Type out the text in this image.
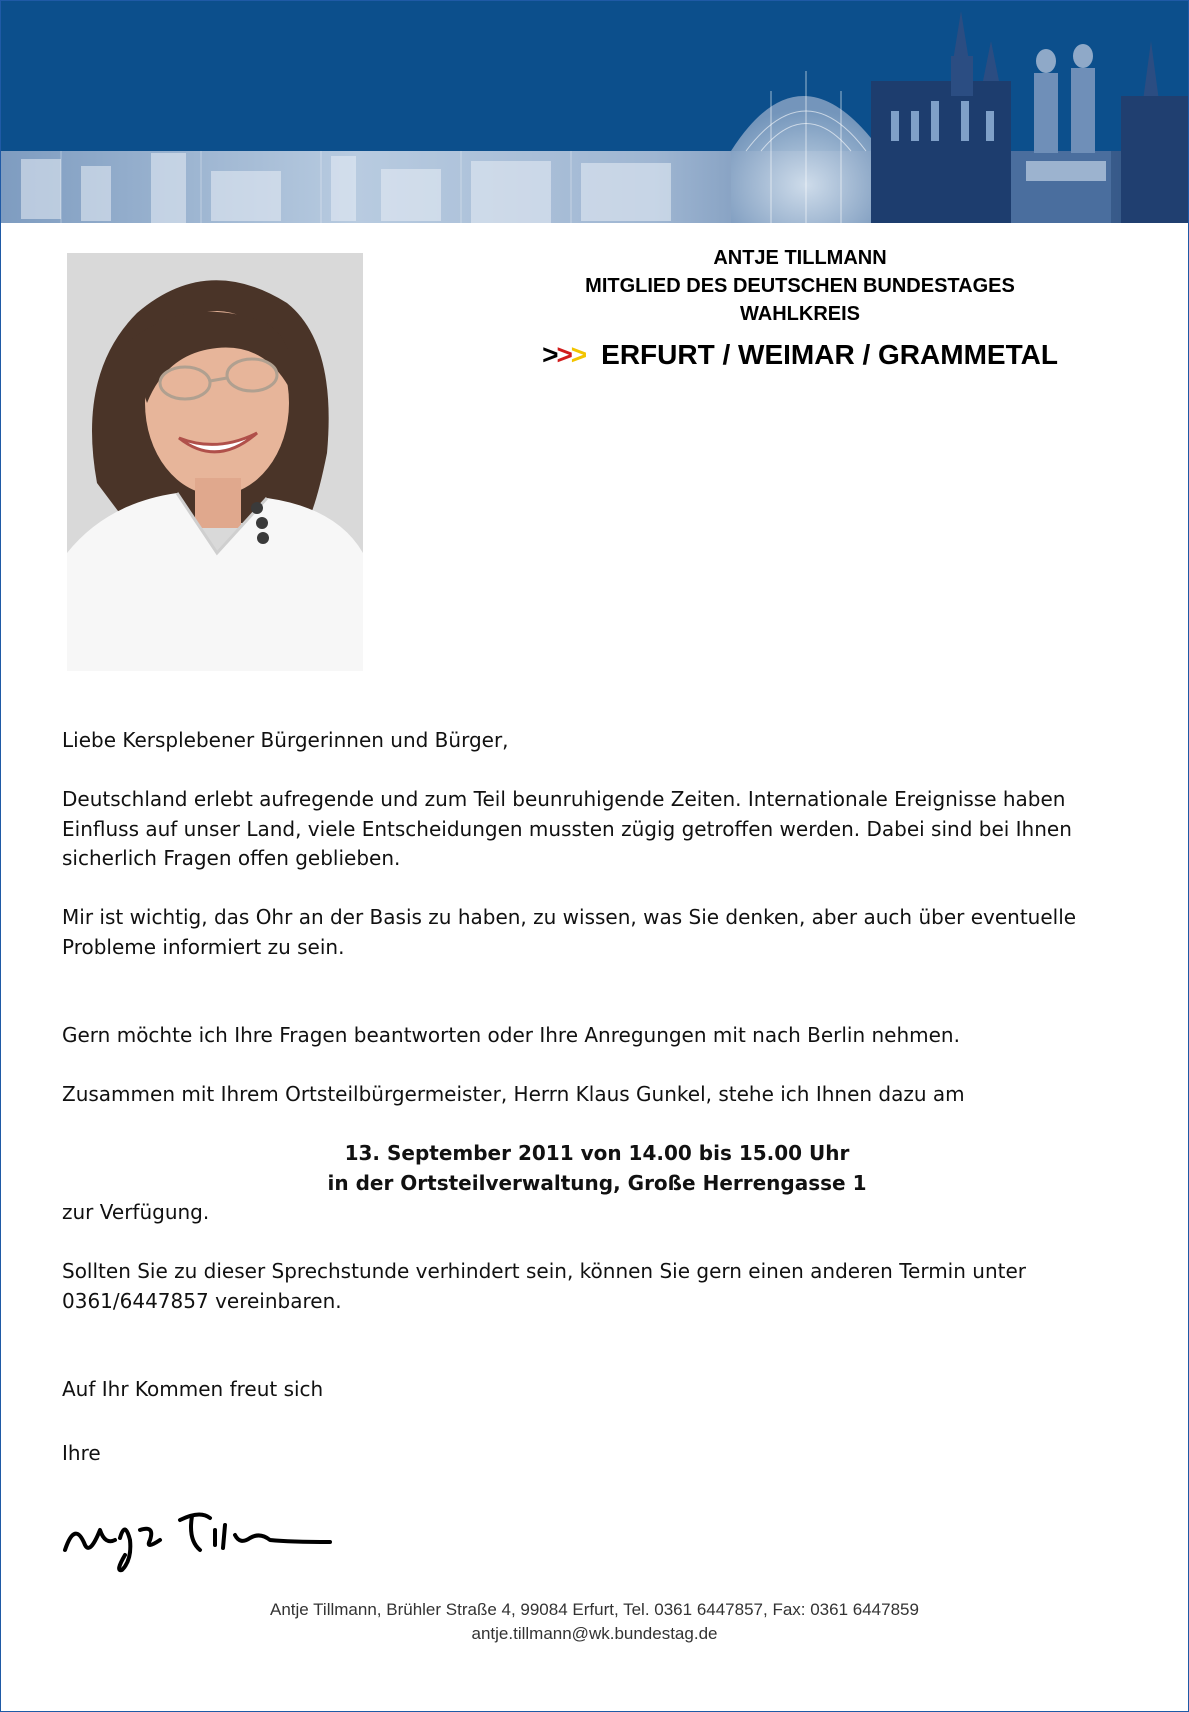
ANTJE TILLMANN
MITGLIED DES DEUTSCHEN BUNDESTAGES
WAHLKREIS
>>> ERFURT / WEIMAR / GRAMMETAL

Liebe Kersplebener Bürgerinnen und Bürger,

Deutschland erlebt aufregende und zum Teil beunruhigende Zeiten. Internationale Ereignisse haben Einfluss auf unser Land, viele Entscheidungen mussten zügig getroffen werden. Dabei sind bei Ihnen sicherlich Fragen offen geblieben.

Mir ist wichtig, das Ohr an der Basis zu haben, zu wissen, was Sie denken, aber auch über eventuelle Probleme informiert zu sein.

Gern möchte ich Ihre Fragen beantworten oder Ihre Anregungen mit nach Berlin nehmen.

Zusammen mit Ihrem Ortsteilbürgermeister, Herrn Klaus Gunkel, stehe ich Ihnen dazu am

13. September 2011 von 14.00 bis 15.00 Uhr

in der Ortsteilverwaltung, Große Herrengasse 1

zur Verfügung.

Sollten Sie zu dieser Sprechstunde verhindert sein, können Sie gern einen anderen Termin unter 0361/6447857 vereinbaren.

Auf Ihr Kommen freut sich

Ihre

Antje Tillmann, Brühler Straße 4, 99084 Erfurt, Tel. 0361 6447857, Fax: 0361 6447859
antje.tillmann@wk.bundestag.de
